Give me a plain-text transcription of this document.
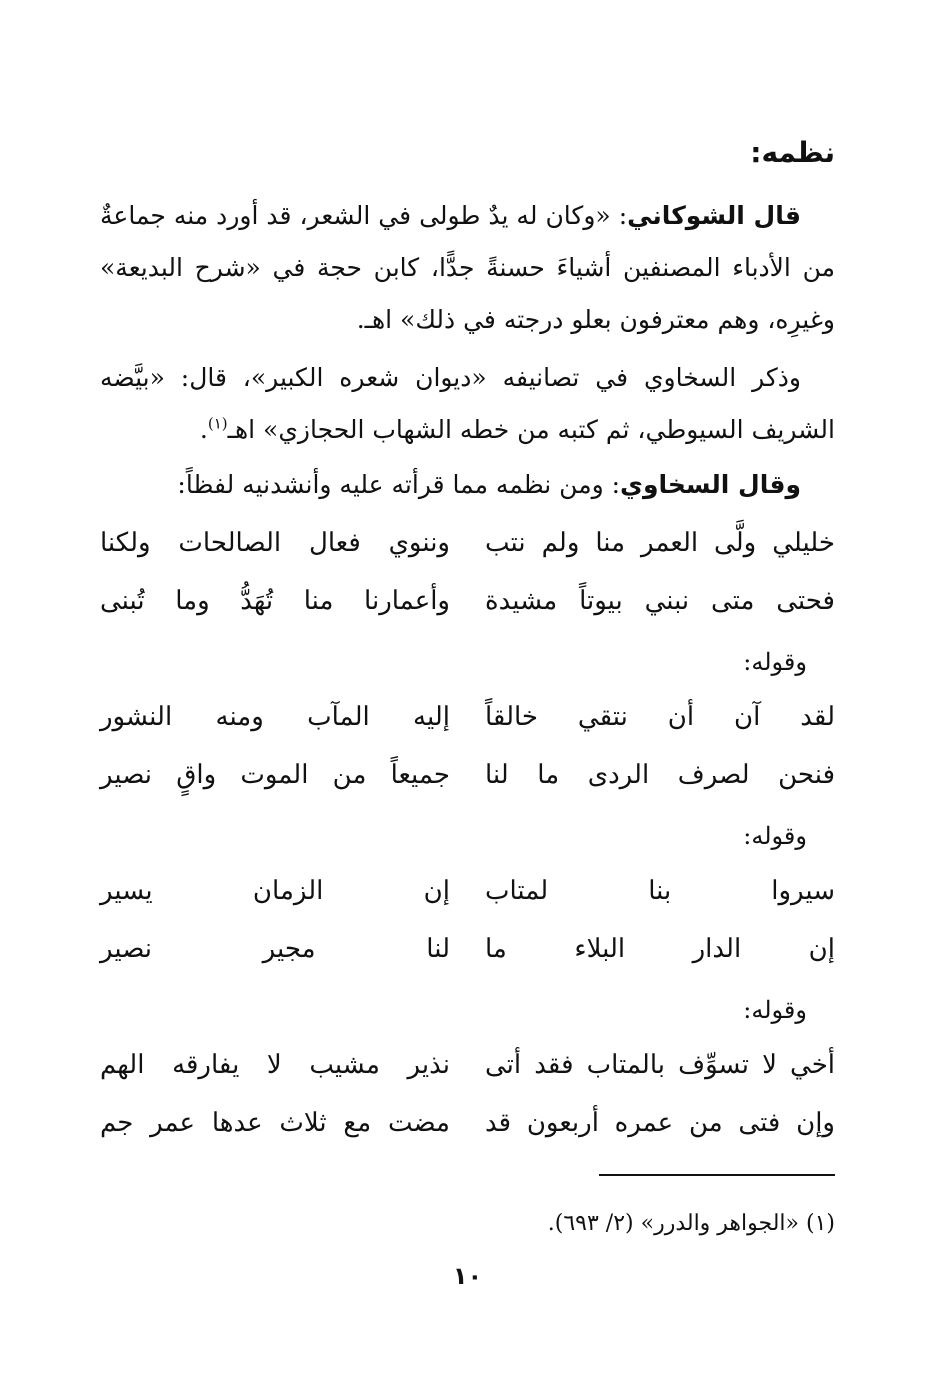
نظمه:
قال الشوكاني: «وكان له يدٌ طولى في الشعر، قد أورد منه جماعةٌ من الأدباء المصنفين أشياءَ حسنةً جدًّا، كابن حجة في «شرح البديعة» وغيرِه، وهم معترفون بعلو درجته في ذلك» اهـ.
وذكر السخاوي في تصانيفه «ديوان شعره الكبير»، قال: «بيَّضه الشريف السيوطي، ثم كتبه من خطه الشهاب الحجازي» اهـ$^{(١)}$.
وقال السخاوي: ومن نظمه مما قرأته عليه وأنشدنيه لفظاً:
خليلي ولَّى العمر منا ولم نتب
وننوي فعال الصالحات ولكنا
فحتى متى نبني بيوتاً مشيدة
وأعمارنا منا تُهَدُّ وما تُبنى
وقوله:
لقد آن أن نتقي خالقاً
إليه المآب ومنه النشور
فنحن لصرف الردى ما لنا
جميعاً من الموت واقٍ نصير
وقوله:
سيروا بنا لمتاب
إن الزمان يسير
إن الدار البلاء ما
لنا مجير نصير
وقوله:
أخي لا تسوِّف بالمتاب فقد أتى
نذير مشيب لا يفارقه الهم
وإن فتى من عمره أربعون قد
مضت مع ثلاث عدها عمر جم
(١) «الجواهر والدرر» (٢/ ٦٩٣).
١٠
